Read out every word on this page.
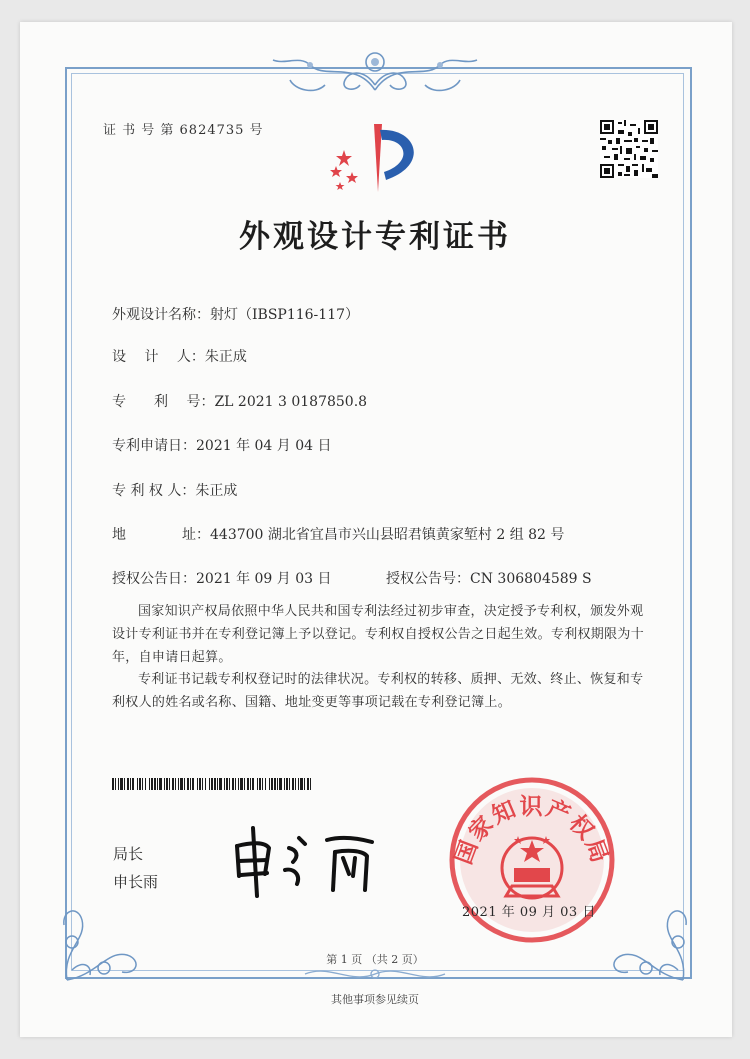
证 书 号 第 6824735 号
外观设计专利证书
外观设计名称：射灯（IBSP116-117）
设　 计　 人：朱正成
专　　利　 号：ZL 2021 3 0187850.8
专利申请日：2021 年 04 月 04 日
专 利 权 人：朱正成
地　　　　址：443700 湖北省宜昌市兴山县昭君镇黄家堑村 2 组 82 号
授权公告日：2021 年 09 月 03 日	授权公告号：CN 306804589 S
国家知识产权局依照中华人民共和国专利法经过初步审查，决定授予专利权，颁发外观设计专利证书并在专利登记簿上予以登记。专利权自授权公告之日起生效。专利权期限为十年，自申请日起算。
专利证书记载专利权登记时的法律状况。专利权的转移、质押、无效、终止、恢复和专利权人的姓名或名称、国籍、地址变更等事项记载在专利登记簿上。
局长
申长雨
国家知识产权局
2021 年 09 月 03 日
第 1 页 （共 2 页）
其他事项参见续页
